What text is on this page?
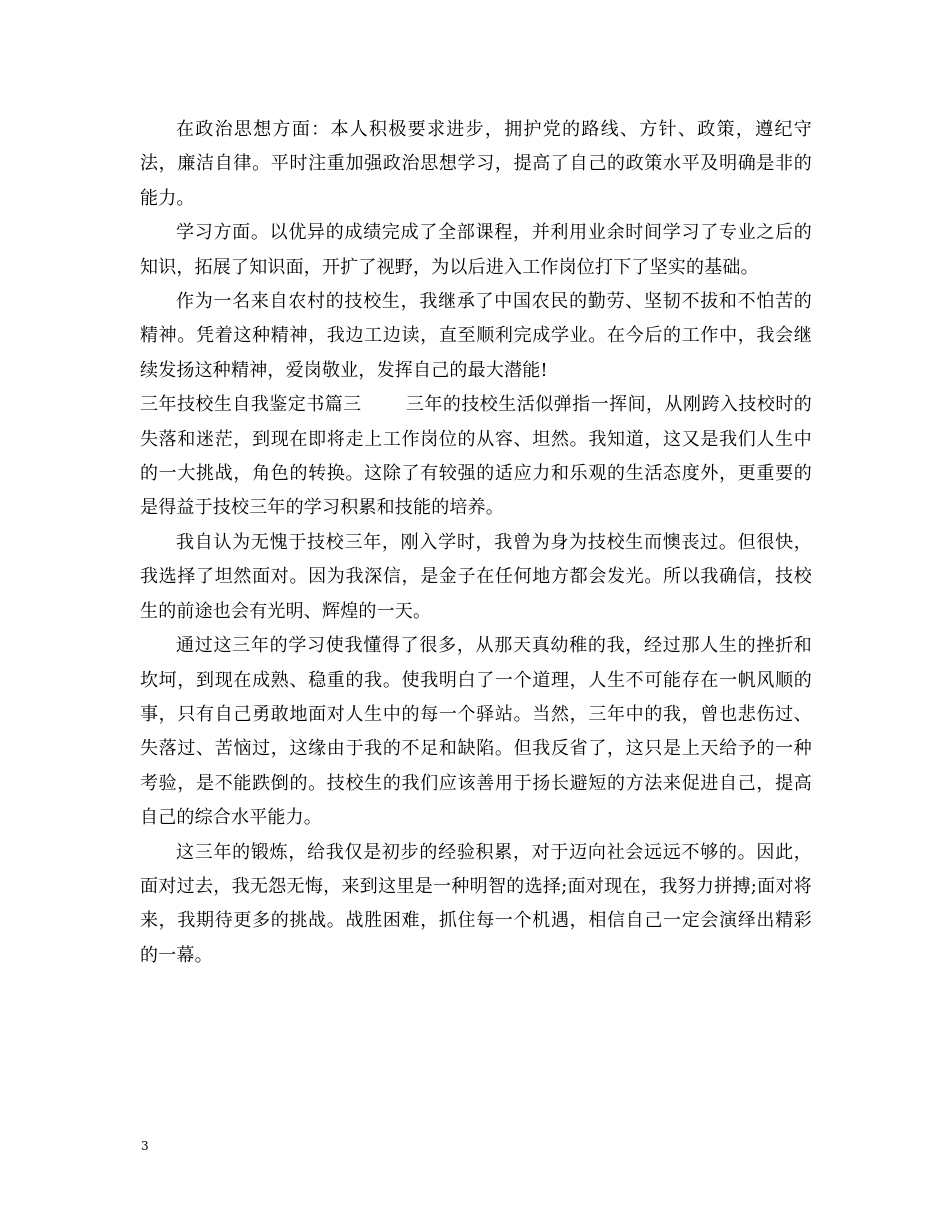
在政治思想方面：本人积极要求进步，拥护党的路线、方针、政策，遵纪守法，廉洁自律。平时注重加强政治思想学习，提高了自己的政策水平及明确是非的能力。

学习方面。以优异的成绩完成了全部课程，并利用业余时间学习了专业之后的知识，拓展了知识面，开扩了视野，为以后进入工作岗位打下了坚实的基础。

作为一名来自农村的技校生，我继承了中国农民的勤劳、坚韧不拔和不怕苦的精神。凭着这种精神，我边工边读，直至顺利完成学业。在今后的工作中，我会继续发扬这种精神，爱岗敬业，发挥自己的最大潜能!

三年技校生自我鉴定书篇三 三年的技校生活似弹指一挥间，从刚跨入技校时的失落和迷茫，到现在即将走上工作岗位的从容、坦然。我知道，这又是我们人生中的一大挑战，角色的转换。这除了有较强的适应力和乐观的生活态度外，更重要的是得益于技校三年的学习积累和技能的培养。

我自认为无愧于技校三年，刚入学时，我曾为身为技校生而懊丧过。但很快，我选择了坦然面对。因为我深信，是金子在任何地方都会发光。所以我确信，技校生的前途也会有光明、辉煌的一天。

通过这三年的学习使我懂得了很多，从那天真幼稚的我，经过那人生的挫折和坎坷，到现在成熟、稳重的我。使我明白了一个道理，人生不可能存在一帆风顺的事，只有自己勇敢地面对人生中的每一个驿站。当然，三年中的我，曾也悲伤过、失落过、苦恼过，这缘由于我的不足和缺陷。但我反省了，这只是上天给予的一种考验，是不能跌倒的。技校生的我们应该善用于扬长避短的方法来促进自己，提高自己的综合水平能力。

这三年的锻炼，给我仅是初步的经验积累，对于迈向社会远远不够的。因此，面对过去，我无怨无悔，来到这里是一种明智的选择;面对现在，我努力拼搏;面对将来，我期待更多的挑战。战胜困难，抓住每一个机遇，相信自己一定会演绎出精彩的一幕。

3
